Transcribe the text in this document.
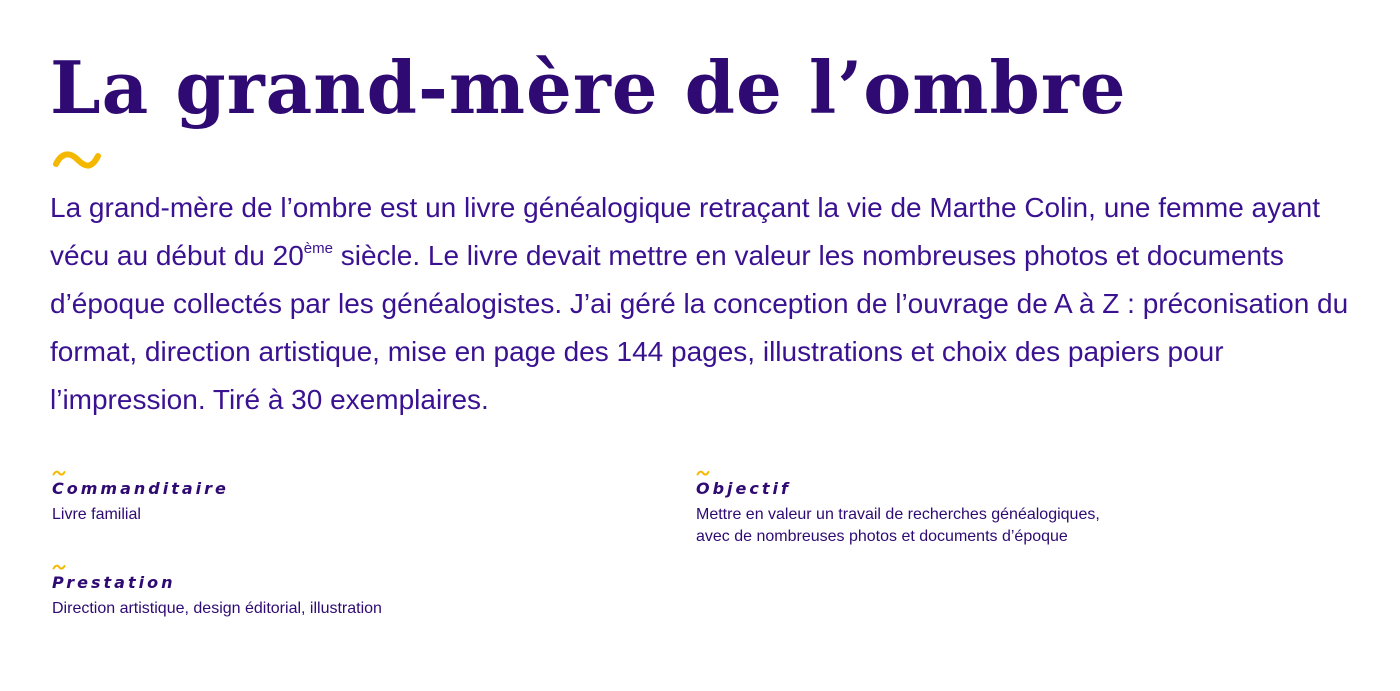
La grand-mère de l’ombre

La grand-mère de l’ombre est un livre généalogique retraçant la vie de Marthe Colin, une femme ayant vécu au début du 20ème siècle. Le livre devait mettre en valeur les nombreuses photos et documents d’époque collectés par les généalogistes. J’ai géré la conception de l’ouvrage de A à Z : préconisation du format, direction artistique, mise en page des 144 pages, illustrations et choix des papiers pour l’impression. Tiré à 30 exemplaires.

Commanditaire
Livre familial
Prestation
Direction artistique, design éditorial, illustration
Objectif
Mettre en valeur un travail de recherches généalogiques,
avec de nombreuses photos et documents d’époque
